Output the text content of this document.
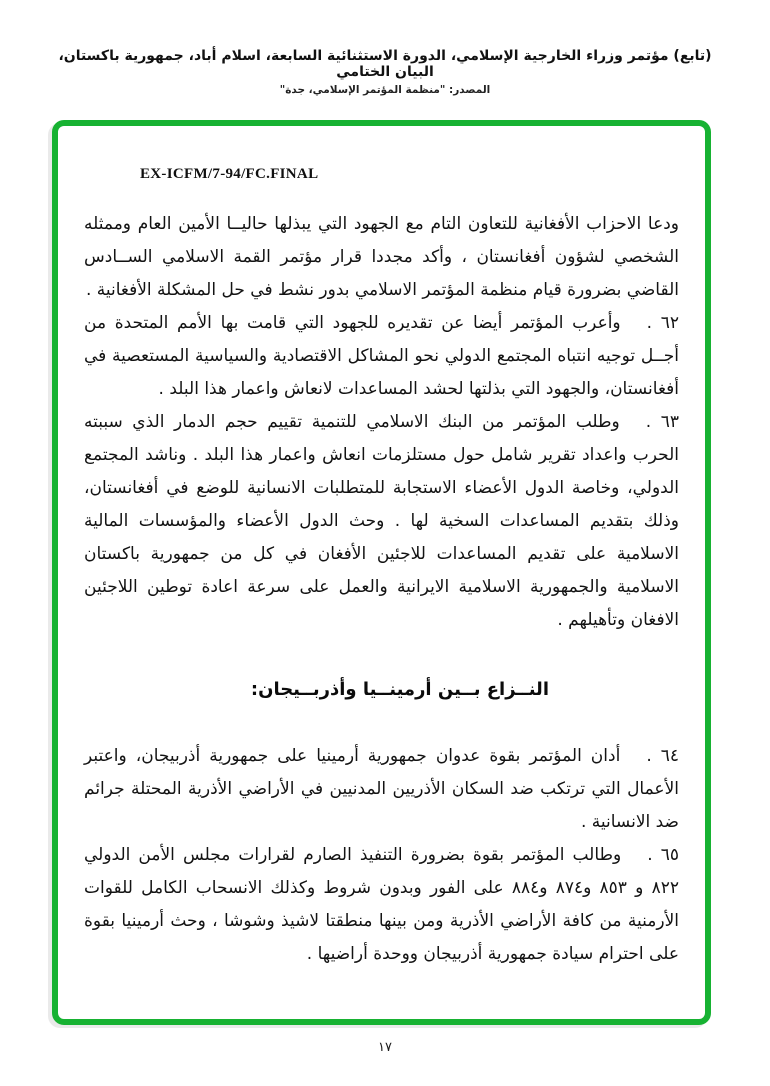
(تابع) مؤتمر وزراء الخارجية الإسلامي، الدورة الاستثنائية السابعة، اسلام أباد، جمهورية باكستان، البيان الختامي
المصدر: "منظمة المؤتمر الإسلامي، جدة"
EX-ICFM/7-94/FC.FINAL

ودعا الاحزاب الأفغانية للتعاون التام مع الجهود التي يبذلها حاليــا الأمين العام وممثله الشخصي لشؤون أفغانستان ، وأكد مجددا قرار مؤتمر القمة الاسلامي الســادس القاضي بضرورة قيام منظمة المؤتمر الاسلامي بدور نشط في حل المشكلة الأفغانية .

٦٢ .وأعرب المؤتمر أيضا عن تقديره للجهود التي قامت بها الأمم المتحدة من أجــل توجيه انتباه المجتمع الدولي نحو المشاكل الاقتصادية والسياسية المستعصية في أفغانستان، والجهود التي بذلتها لحشد المساعدات لانعاش واعمار هذا البلد .

٦٣ .وطلب المؤتمر من البنك الاسلامي للتنمية تقييم حجم الدمار الذي سببته الحرب واعداد تقرير شامل حول مستلزمات انعاش واعمار هذا البلد . وناشد المجتمع الدولي، وخاصة الدول الأعضاء الاستجابة للمتطلبات الانسانية للوضع في أفغانستان، وذلك بتقديم المساعدات السخية لها . وحث الدول الأعضاء والمؤسسات المالية الاسلامية على تقديم المساعدات للاجئين الأفغان في كل من جمهورية باكستان الاسلامية والجمهورية الاسلامية الايرانية والعمل على سرعة اعادة توطين اللاجئين الافغان وتأهيلهم .

النــزاع بــين أرمينــيا وأذربــيجان:

٦٤ .أدان المؤتمر بقوة عدوان جمهورية أرمينيا على جمهورية أذربيجان، واعتبر الأعمال التي ترتكب ضد السكان الأذريين المدنيين في الأراضي الأذرية المحتلة جرائم ضد الانسانية .

٦٥ .وطالب المؤتمر بقوة بضرورة التنفيذ الصارم لقرارات مجلس الأمن الدولي ٨٢٢ و ٨٥٣ و٨٧٤ و٨٨٤ على الفور وبدون شروط وكذلك الانسحاب الكامل للقوات الأرمنية من كافة الأراضي الأذرية ومن بينها منطقتا لاشيذ وشوشا ، وحث أرمينيا بقوة على احترام سيادة جمهورية أذربيجان ووحدة أراضيها .

١٧
